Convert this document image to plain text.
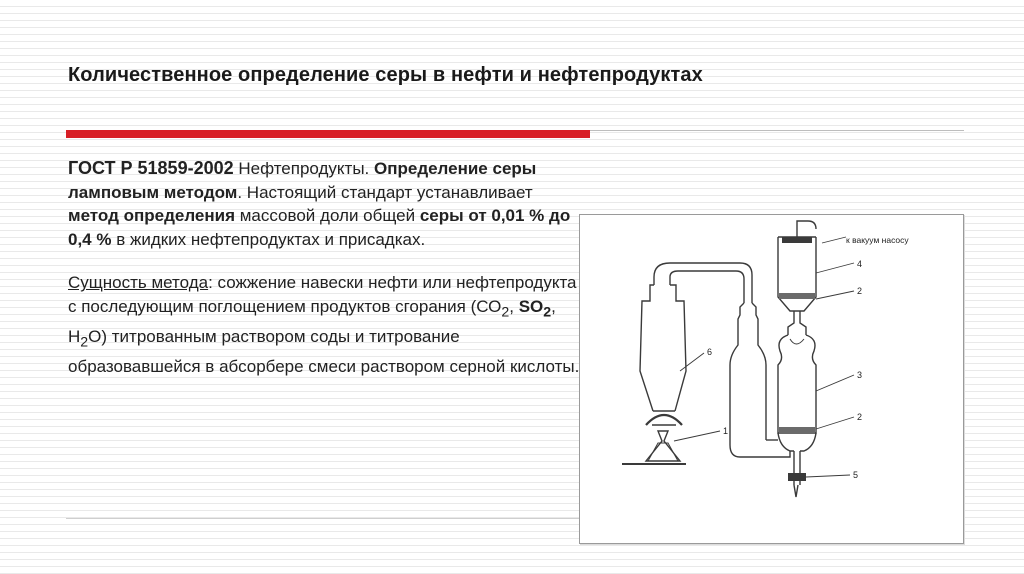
Количественное определение серы в нефти и нефтепродуктах

ГОСТ Р 51859-2002 Нефтепродукты. Определение серы ламповым методом. Настоящий стандарт устанавливает метод определения массовой доли общей серы от 0,01 % до 0,4 % в жидких нефтепродуктах и присадках.

Сущность метода: сожжение навески нефти или нефтепродукта с последующим поглощением продуктов сгорания ($СО_2$, $SO_2$, $H_2O$) титрованным раствором соды и титрование образовавшейся в абсорбере смеси раствором серной кислоты.

к вакуум насосу
4
2
3
2
5
6
1
